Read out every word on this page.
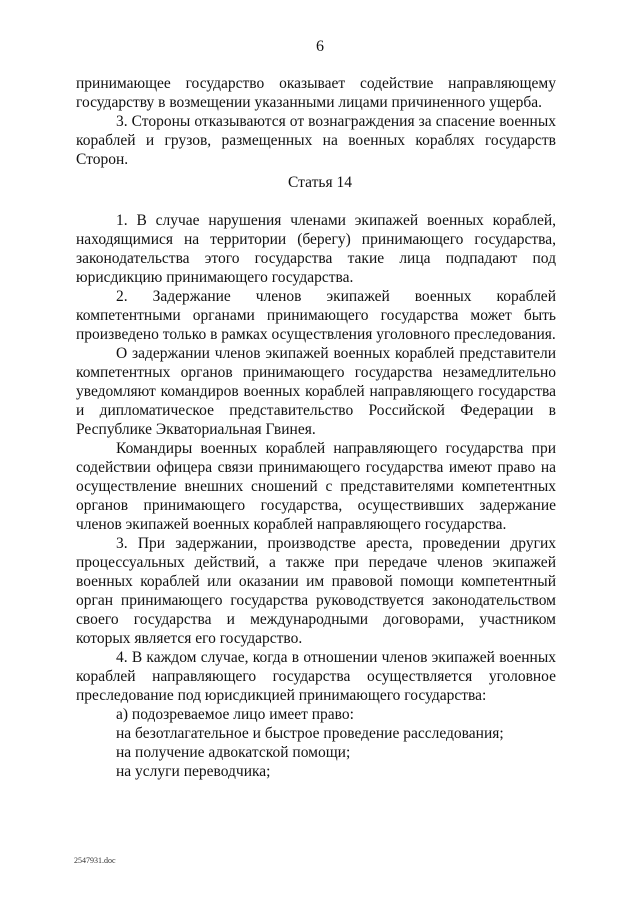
6

принимающее государство оказывает содействие направляющему государству в возмещении указанными лицами причиненного ущерба.

3. Стороны отказываются от вознаграждения за спасение военных кораблей и грузов, размещенных на военных кораблях государств Сторон.

Статья 14

1. В случае нарушения членами экипажей военных кораблей, находящимися на территории (берегу) принимающего государства, законодательства этого государства такие лица подпадают под юрисдикцию принимающего государства.

2. Задержание членов экипажей военных кораблей компетентными органами принимающего государства может быть произведено только в рамках осуществления уголовного преследования.

О задержании членов экипажей военных кораблей представители компетентных органов принимающего государства незамедлительно уведомляют командиров военных кораблей направляющего государства и дипломатическое представительство Российской Федерации в Республике Экваториальная Гвинея.

Командиры военных кораблей направляющего государства при содействии офицера связи принимающего государства имеют право на осуществление внешних сношений с представителями компетентных органов принимающего государства, осуществивших задержание членов экипажей военных кораблей направляющего государства.

3. При задержании, производстве ареста, проведении других процессуальных действий, а также при передаче членов экипажей военных кораблей или оказании им правовой помощи компетентный орган принимающего государства руководствуется законодательством своего государства и международными договорами, участником которых является его государство.

4. В каждом случае, когда в отношении членов экипажей военных кораблей направляющего государства осуществляется уголовное преследование под юрисдикцией принимающего государства:

а) подозреваемое лицо имеет право:

на безотлагательное и быстрое проведение расследования;

на получение адвокатской помощи;

на услуги переводчика;

2547931.doc
